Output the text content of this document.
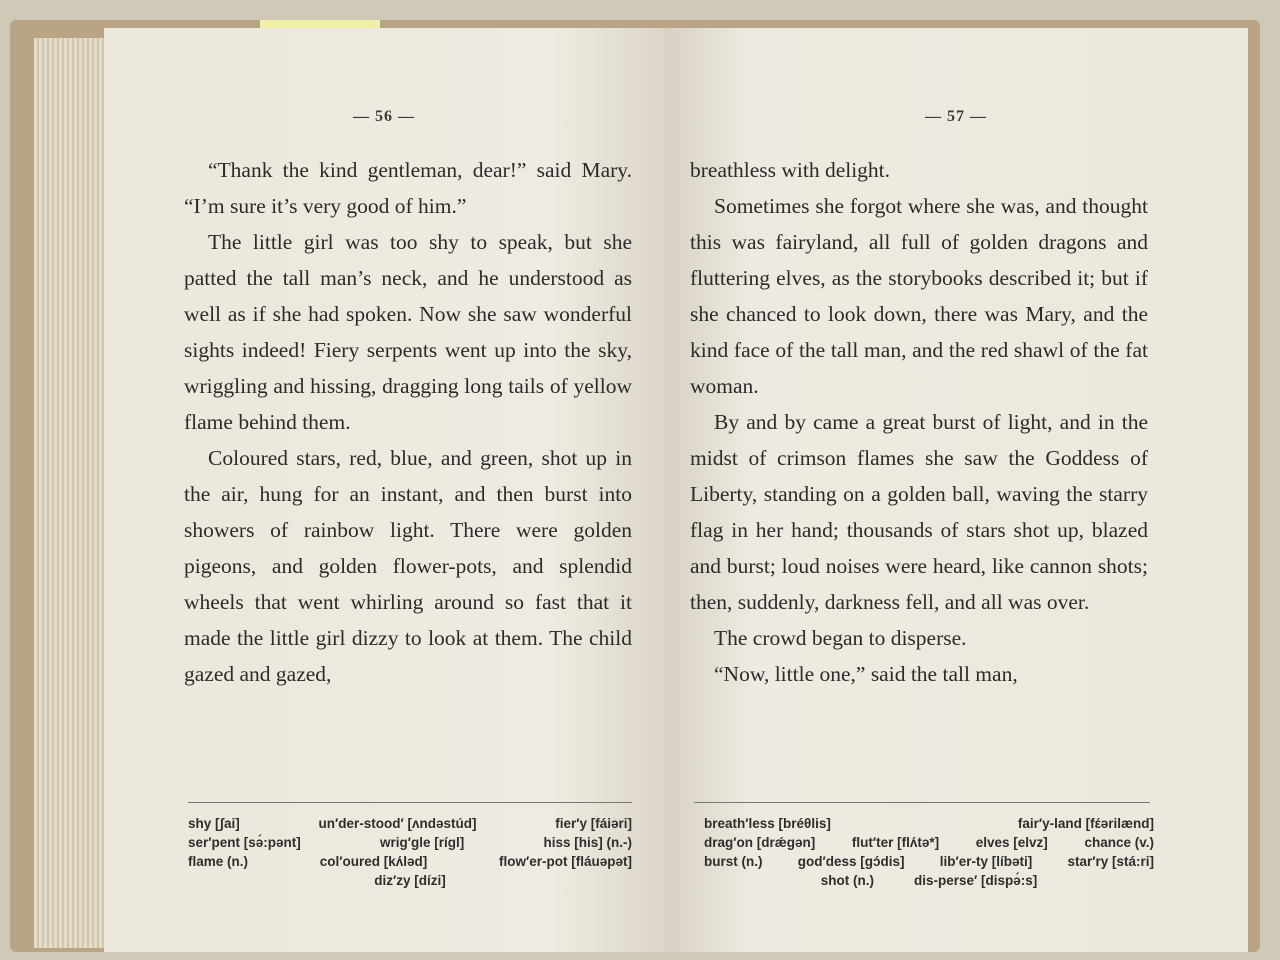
— 56 —

“Thank the kind gentleman, dear!” said Mary. “I’m sure it’s very good of him.”

The little girl was too shy to speak, but she patted the tall man’s neck, and he understood as well as if she had spoken. Now she saw wonderful sights indeed! Fiery serpents went up into the sky, wriggling and hissing, dragging long tails of yellow flame behind them.

Coloured stars, red, blue, and green, shot up in the air, hung for an instant, and then burst into showers of rainbow light. There were golden pigeons, and golden flower-pots, and splendid wheels that went whirling around so fast that it made the little girl dizzy to look at them. The child gazed and gazed,

shy [ʃai]	un′der-stood′ [ʌndəstúd]	fier′y [fáiəri]
ser′pent [sə́:pənt]	wrig′gle [rígl]	hiss [his] (n.-)
flame (n.)	col′oured [kʌ́ləd]	flow′er-pot [fláuəpət]
diz′zy [dízi]
— 57 —

breathless with delight.

Sometimes she forgot where she was, and thought this was fairyland, all full of golden dragons and fluttering elves, as the storybooks described it; but if she chanced to look down, there was Mary, and the kind face of the tall man, and the red shawl of the fat woman.

By and by came a great burst of light, and in the midst of crimson flames she saw the Goddess of Liberty, standing on a golden ball, waving the starry flag in her hand; thousands of stars shot up, blazed and burst; loud noises were heard, like cannon shots; then, suddenly, darkness fell, and all was over.

The crowd began to disperse.

“Now, little one,” said the tall man,

breath′less [bréθlis]	fair′y-land [fέərilænd]
drag′on [drǽgən]	flut′ter [flʌ́tə*]	elves [elvz]	chance (v.)
burst (n.)	god′dess [gɔ́dis]	lib′er-ty [líbəti]	star′ry [stá:ri]
shot (n.)	dis-perse′ [dispə́:s]
